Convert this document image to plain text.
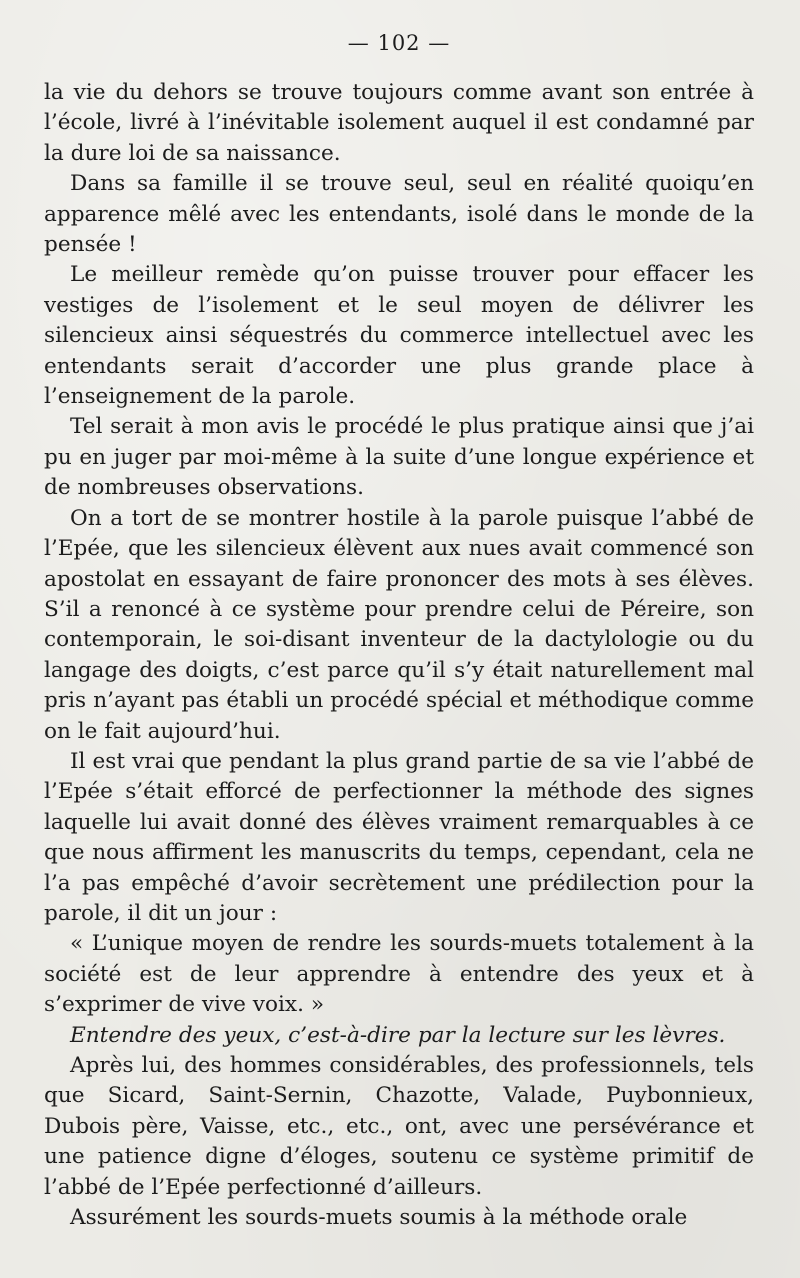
— 102 —

la vie du dehors se trouve toujours comme avant son entrée à l’école, livré à l’inévitable isolement auquel il est condamné par la dure loi de sa naissance.

Dans sa famille il se trouve seul, seul en réalité quoiqu’en apparence mêlé avec les entendants, isolé dans le monde de la pensée !

Le meilleur remède qu’on puisse trouver pour effacer les vestiges de l’isolement et le seul moyen de délivrer les silencieux ainsi séquestrés du commerce intellectuel avec les entendants serait d’accorder une plus grande place à l’enseignement de la parole.

Tel serait à mon avis le procédé le plus pratique ainsi que j’ai pu en juger par moi-même à la suite d’une longue expérience et de nombreuses observations.

On a tort de se montrer hostile à la parole puisque l’abbé de l’Epée, que les silencieux élèvent aux nues avait commencé son apostolat en essayant de faire prononcer des mots à ses élèves. S’il a renoncé à ce système pour prendre celui de Péreire, son contemporain, le soi-disant inventeur de la dactylologie ou du langage des doigts, c’est parce qu’il s’y était naturellement mal pris n’ayant pas établi un procédé spécial et méthodique comme on le fait aujourd’hui.

Il est vrai que pendant la plus grand partie de sa vie l’abbé de l’Epée s’était efforcé de perfectionner la méthode des signes laquelle lui avait donné des élèves vraiment remarquables à ce que nous affirment les manuscrits du temps, cependant, cela ne l’a pas empêché d’avoir secrètement une prédilection pour la parole, il dit un jour :

« L’unique moyen de rendre les sourds-muets totalement à la société est de leur apprendre à entendre des yeux et à s’exprimer de vive voix. »

Entendre des yeux, c’est-à-dire par la lecture sur les lèvres.

Après lui, des hommes considérables, des professionnels, tels que Sicard, Saint-Sernin, Chazotte, Valade, Puybonnieux, Dubois père, Vaisse, etc., etc., ont, avec une persévérance et une patience digne d’éloges, soutenu ce système primitif de l’abbé de l’Epée perfectionné d’ailleurs.

Assurément les sourds-muets soumis à la méthode orale
